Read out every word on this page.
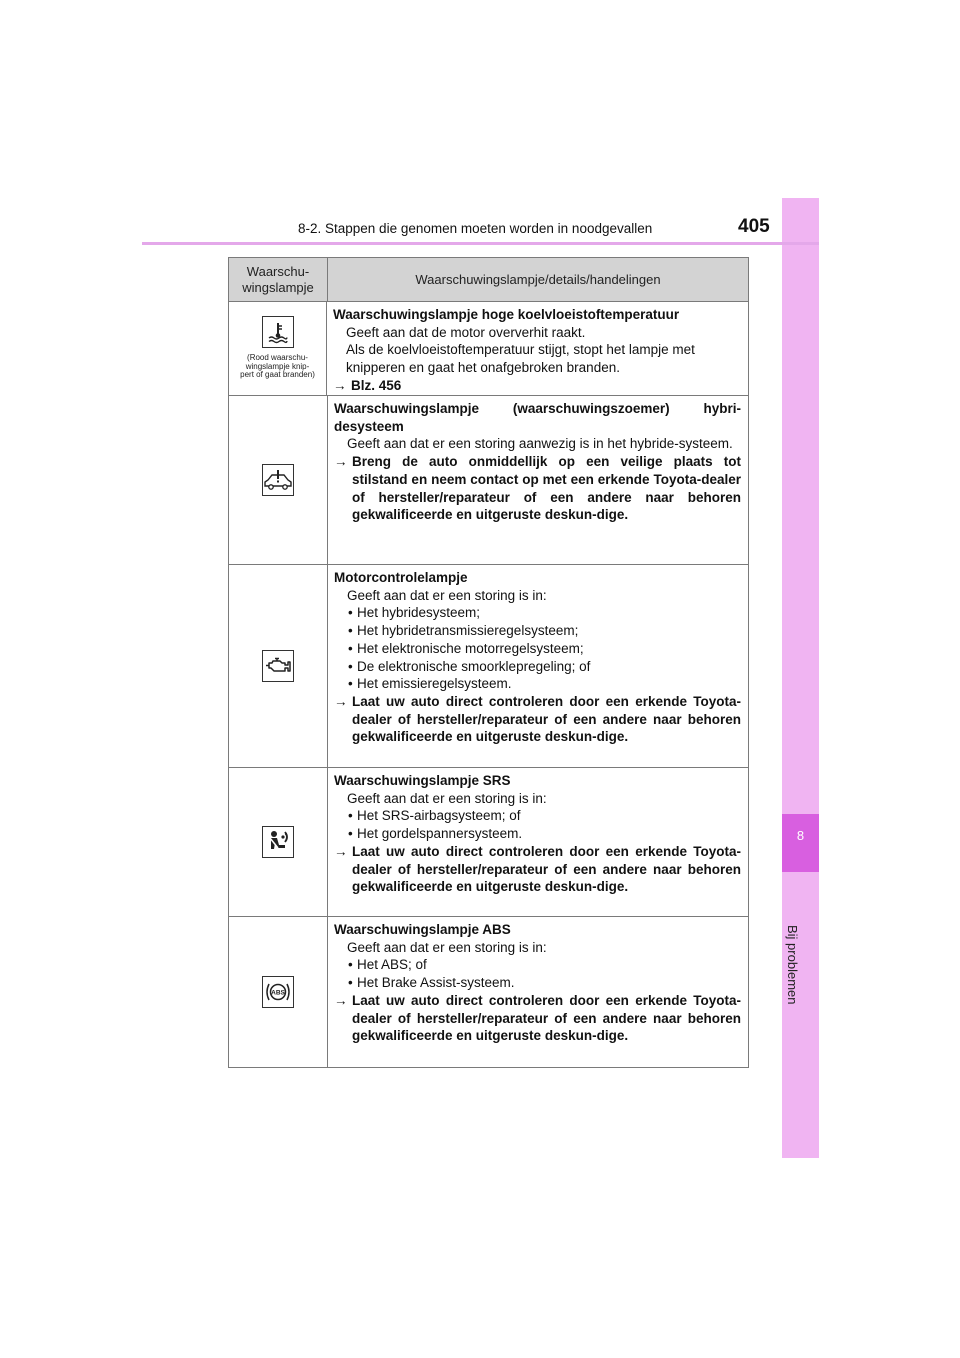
8
Bij problemen
8-2. Stappen die genomen moeten worden in noodgevallen	405
Waarschu-
wingslampje
Waarschuwingslampje/details/handelingen
(Rood waarschu-
wingslampje knip-
pert of gaat branden)
Waarschuwingslampje hoge koelvloeistoftemperatuur
Geeft aan dat de motor oververhit raakt.
Als de koelvloeistoftemperatuur stijgt, stopt het lampje met knipperen en gaat het onafgebroken branden.
→ Blz. 456
Waarschuwingslampje (waarschuwingszoemer) hybri-desysteem
Geeft aan dat er een storing aanwezig is in het hybride-systeem.
→ Breng de auto onmiddellijk op een veilige plaats tot stilstand en neem contact op met een erkende Toyota-dealer of hersteller/reparateur of een andere naar behoren gekwalificeerde en uitgeruste deskun-dige.
Motorcontrolelampje
Geeft aan dat er een storing is in:
• Het hybridesysteem;
• Het hybridetransmissieregelsysteem;
• Het elektronische motorregelsysteem;
• De elektronische smoorklepregeling; of
• Het emissieregelsysteem.
→ Laat uw auto direct controleren door een erkende Toyota-dealer of hersteller/reparateur of een andere naar behoren gekwalificeerde en uitgeruste deskun-dige.
Waarschuwingslampje SRS
Geeft aan dat er een storing is in:
• Het SRS-airbagsysteem; of
• Het gordelspannersysteem.
→ Laat uw auto direct controleren door een erkende Toyota-dealer of hersteller/reparateur of een andere naar behoren gekwalificeerde en uitgeruste deskun-dige.
ABS
Waarschuwingslampje ABS
Geeft aan dat er een storing is in:
• Het ABS; of
• Het Brake Assist-systeem.
→ Laat uw auto direct controleren door een erkende Toyota-dealer of hersteller/reparateur of een andere naar behoren gekwalificeerde en uitgeruste deskun-dige.
